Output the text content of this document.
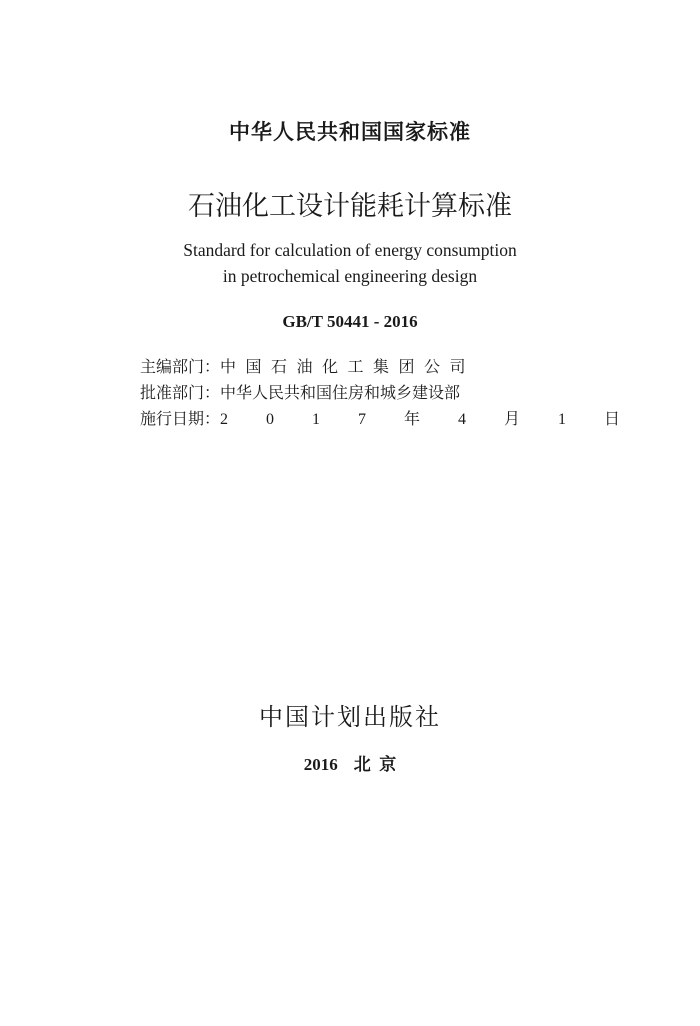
中华人民共和国国家标准
石油化工设计能耗计算标准
Standard for calculation of energy consumption
in petrochemical engineering design
GB/T 50441 - 2016
主编部门：中国石油化工集团公司
批准部门：中华人民共和国住房和城乡建设部
施行日期：2 0 1 7 年 4 月 1 日
中国计划出版社
2016 北  京
